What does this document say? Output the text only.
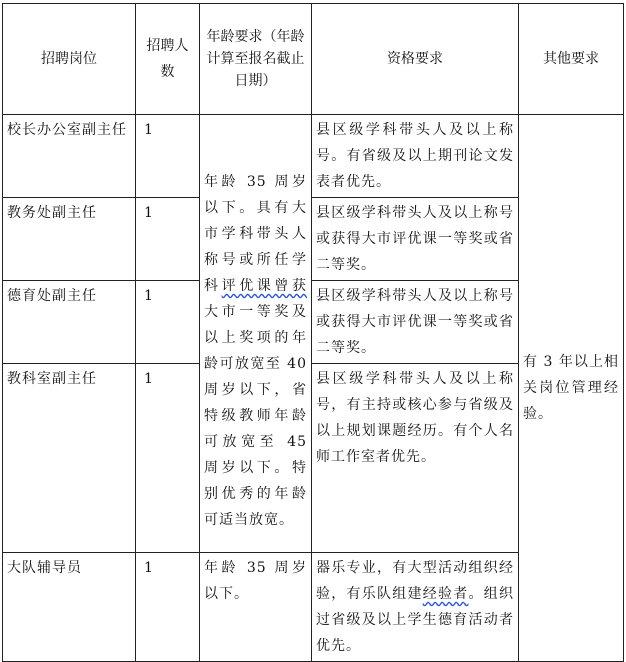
招聘岗位	招聘人数	年龄要求（年龄计算至报名截止日期）	资格要求	其他要求

校长办公室副主任	1	年龄 35 周岁以下。具有大市学科带头人称号或所任学科评优课曾获大市一等奖及以上奖项的年龄可放宽至 40 周岁以下，省特级教师年龄可放宽至 45 周岁以下。特别优秀的年龄可适当放宽。	县区级学科带头人及以上称号。有省级及以上期刊论文发表者优先。	有 3 年以上相关岗位管理经验。

教务处副主任	1		县区级学科带头人及以上称号或获得大市评优课一等奖或省二等奖。	

德育处副主任	1		县区级学科带头人及以上称号或获得大市评优课一等奖或省二等奖。	

教科室副主任	1		县区级学科带头人及以上称号，有主持或核心参与省级及以上规划课题经历。有个人名师工作室者优先。	

大队辅导员	1	年龄 35 周岁以下。	器乐专业，有大型活动组织经验，有乐队组建经验者。组织过省级及以上学生德育活动者优先。	
